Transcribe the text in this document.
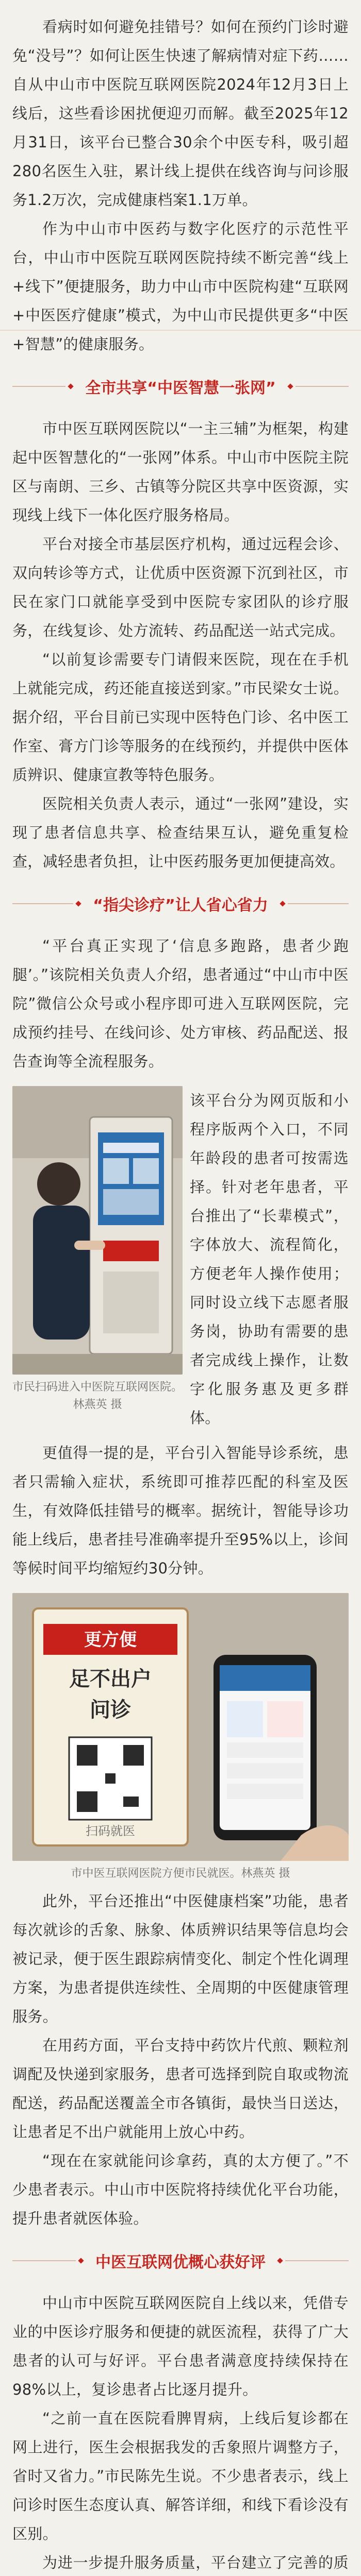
看病时如何避免挂错号？如何在预约门诊时避免“没号”？如何让医生快速了解病情对症下药……自从中山市中医院互联网医院2024年12月3日上线后，这些看诊困扰便迎刃而解。截至2025年12月31日，该平台已整合30余个中医专科，吸引超280名医生入驻，累计线上提供在线咨询与问诊服务1.2万次，完成健康档案1.1万单。

作为中山市中医药与数字化医疗的示范性平台，中山市中医院互联网医院持续不断完善“线上+线下”便捷服务，助力中山市中医院构建“互联网+中医医疗健康”模式，为中山市民提供更多“中医+智慧”的健康服务。

全市共享“中医智慧一张网”

市中医互联网医院以“一主三辅”为框架，构建起中医智慧化的“一张网”体系。中山市中医院主院区与南朗、三乡、古镇等分院区共享中医资源，实现线上线下一体化医疗服务格局。

平台对接全市基层医疗机构，通过远程会诊、双向转诊等方式，让优质中医资源下沉到社区，市民在家门口就能享受到中医院专家团队的诊疗服务，在线复诊、处方流转、药品配送一站式完成。

“以前复诊需要专门请假来医院，现在在手机上就能完成，药还能直接送到家。”市民梁女士说。据介绍，平台目前已实现中医特色门诊、名中医工作室、膏方门诊等服务的在线预约，并提供中医体质辨识、健康宣教等特色服务。

医院相关负责人表示，通过“一张网”建设，实现了患者信息共享、检查结果互认，避免重复检查，减轻患者负担，让中医药服务更加便捷高效。

“指尖诊疗”让人省心省力

“平台真正实现了‘信息多跑路，患者少跑腿’。”该院相关负责人介绍，患者通过“中山市中医院”微信公众号或小程序即可进入互联网医院，完成预约挂号、在线问诊、处方审核、药品配送、报告查询等全流程服务。

市民扫码进入中医院互联网医院。林燕英 摄

该平台分为网页版和小程序版两个入口，不同年龄段的患者可按需选择。针对老年患者，平台推出了“长辈模式”，字体放大、流程简化，方便老年人操作使用；同时设立线下志愿者服务岗，协助有需要的患者完成线上操作，让数字化服务惠及更多群体。

更值得一提的是，平台引入智能导诊系统，患者只需输入症状，系统即可推荐匹配的科室及医生，有效降低挂错号的概率。据统计，智能导诊功能上线后，患者挂号准确率提升至95%以上，诊间等候时间平均缩短约30分钟。

更方便
足不出户
问诊
扫码就医
市中医互联网医院方便市民就医。林燕英 摄

此外，平台还推出“中医健康档案”功能，患者每次就诊的舌象、脉象、体质辨识结果等信息均会被记录，便于医生跟踪病情变化、制定个性化调理方案，为患者提供连续性、全周期的中医健康管理服务。

在用药方面，平台支持中药饮片代煎、颗粒剂调配及快递到家服务，患者可选择到院自取或物流配送，药品配送覆盖全市各镇街，最快当日送达，让患者足不出户就能用上放心中药。

“现在在家就能问诊拿药，真的太方便了。”不少患者表示。中山市中医院将持续优化平台功能，提升患者就医体验。

中医互联网优概心获好评

中山市中医院互联网医院自上线以来，凭借专业的中医诊疗服务和便捷的就医流程，获得了广大患者的认可与好评。平台患者满意度持续保持在98%以上，复诊患者占比逐月提升。

“之前一直在医院看脾胃病，上线后复诊都在网上进行，医生会根据我发的舌象照片调整方子，省时又省力。”市民陈先生说。不少患者表示，线上问诊时医生态度认真、解答详细，和线下看诊没有区别。

为进一步提升服务质量，平台建立了完善的质
